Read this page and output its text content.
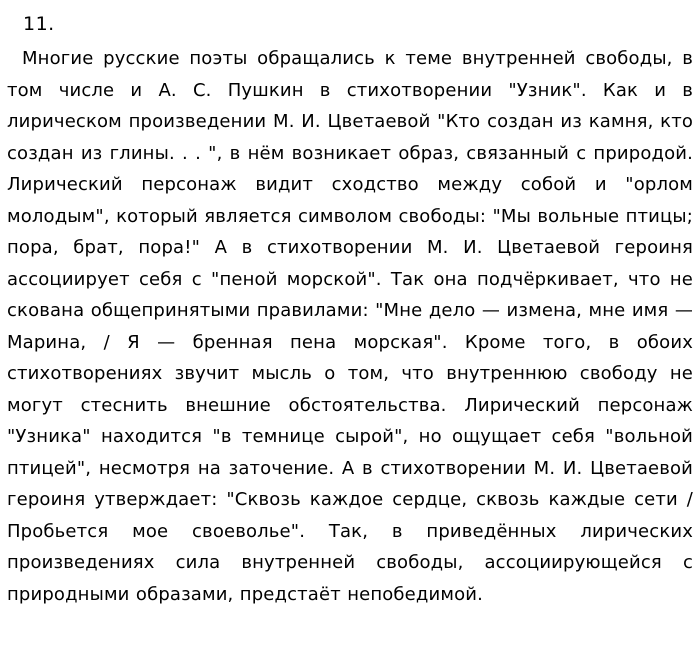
11.

Многие русские поэты обращались к теме внутренней свободы, в том числе и А. С. Пушкин в стихотворении "Узник". Как и в лирическом произведении М. И. Цветаевой "Кто создан из камня, кто создан из глины. . . ", в нём возникает образ, связанный с природой. Лирический персонаж видит сходство между собой и "орлом молодым", который является символом свободы: "Мы вольные птицы; пора, брат, пора!" А в стихотворении М. И. Цветаевой героиня ассоциирует себя с "пеной морской". Так она подчёркивает, что не скована общепринятыми правилами: "Мне дело — измена, мне имя — Марина, / Я — бренная пена морская". Кроме того, в обоих стихотворениях звучит мысль о том, что внутреннюю свободу не могут стеснить внешние обстоятельства. Лирический персонаж "Узника" находится "в темнице сырой", но ощущает себя "вольной птицей", несмотря на заточение. А в стихотворении М. И. Цветаевой героиня утверждает: "Сквозь каждое сердце, сквозь каждые сети / Пробьется мое своеволье". Так, в приведённых лирических произведениях сила внутренней свободы, ассоциирующейся с природными образами, предстаёт непобедимой.
